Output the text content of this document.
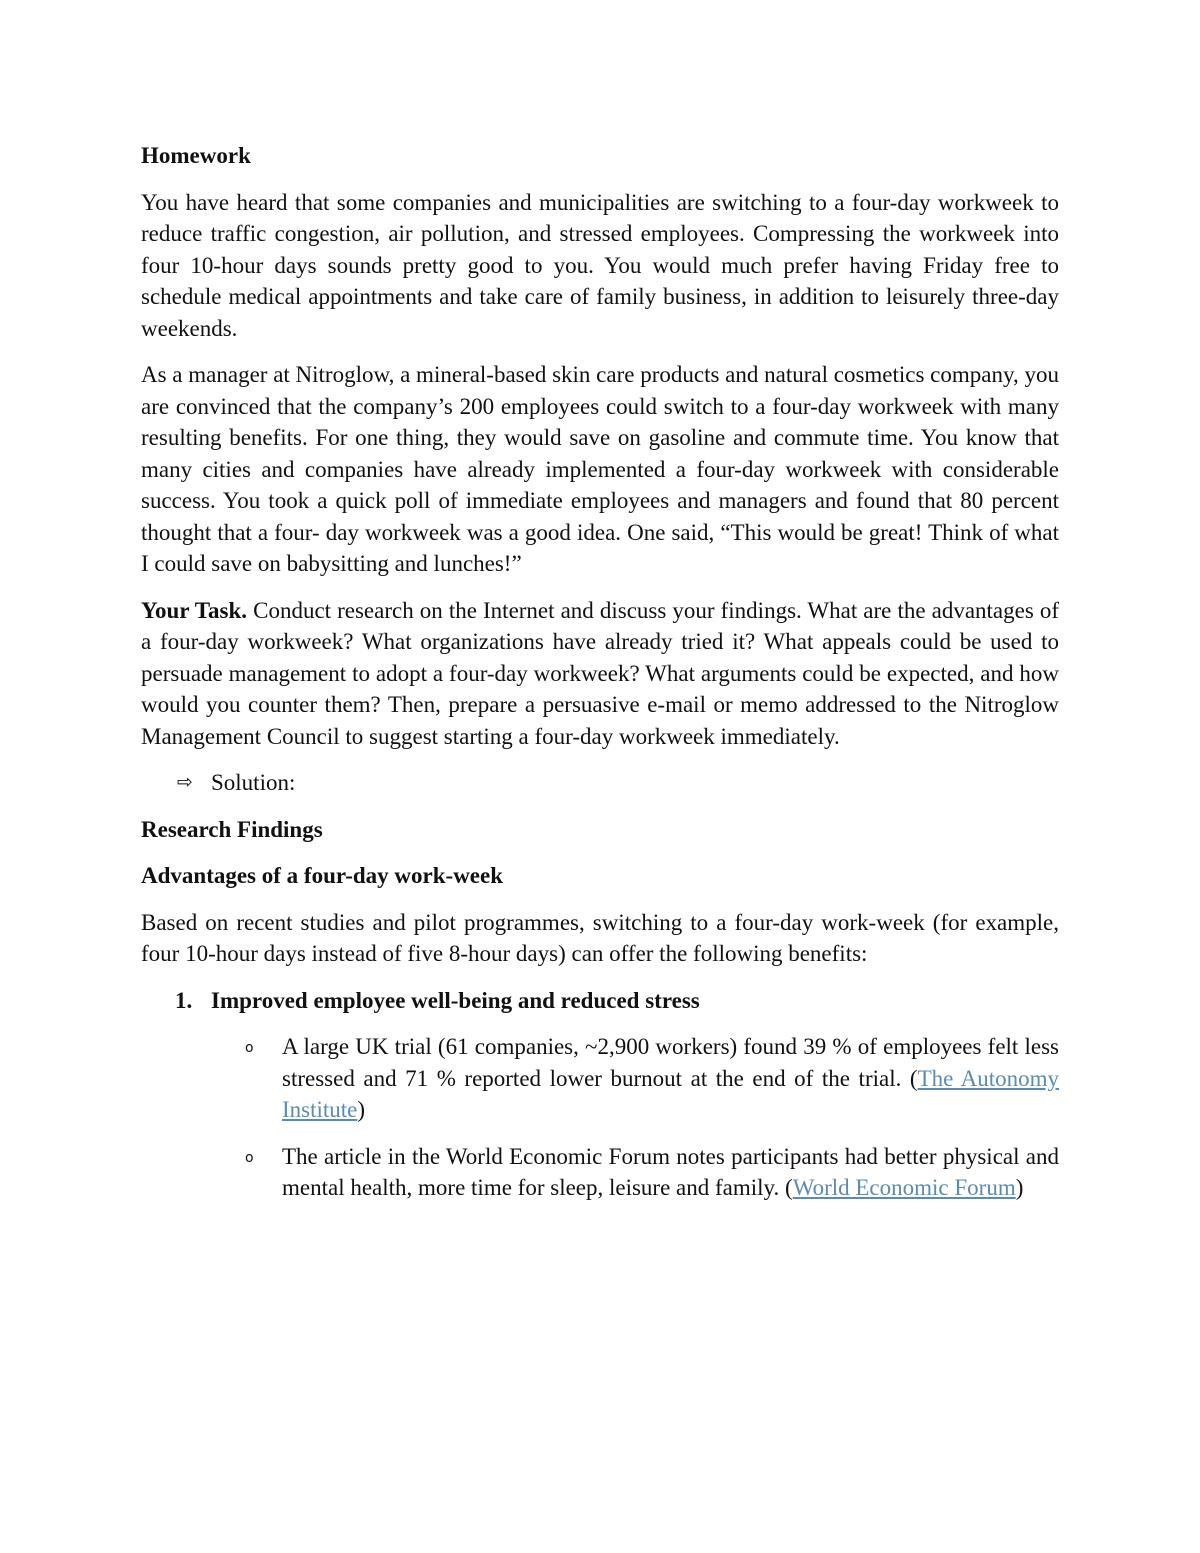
Homework
You have heard that some companies and municipalities are switching to a four-day workweek to reduce traffic congestion, air pollution, and stressed employees. Compressing the workweek into four 10-hour days sounds pretty good to you. You would much prefer having Friday free to schedule medical appointments and take care of family business, in addition to leisurely three-day weekends.
As a manager at Nitroglow, a mineral-based skin care products and natural cosmetics company, you are convinced that the company’s 200 employees could switch to a four-day workweek with many resulting benefits. For one thing, they would save on gasoline and commute time. You know that many cities and companies have already implemented a four-day workweek with considerable success. You took a quick poll of immediate employees and managers and found that 80 percent thought that a four- day workweek was a good idea. One said, “This would be great! Think of what I could save on babysitting and lunches!”
Your Task. Conduct research on the Internet and discuss your findings. What are the advantages of a four-day workweek? What organizations have already tried it? What appeals could be used to persuade management to adopt a four-day workweek? What arguments could be expected, and how would you counter them? Then, prepare a persuasive e-mail or memo addressed to the Nitroglow Management Council to suggest starting a four-day workweek immediately.
⇨ Solution:
Research Findings
Advantages of a four-day work-week
Based on recent studies and pilot programmes, switching to a four-day work-week (for example, four 10-hour days instead of five 8-hour days) can offer the following benefits:
1. Improved employee well-being and reduced stress
o A large UK trial (61 companies, ~2,900 workers) found 39 % of employees felt less stressed and 71 % reported lower burnout at the end of the trial. (The Autonomy Institute)
o The article in the World Economic Forum notes participants had better physical and mental health, more time for sleep, leisure and family. (World Economic Forum)
